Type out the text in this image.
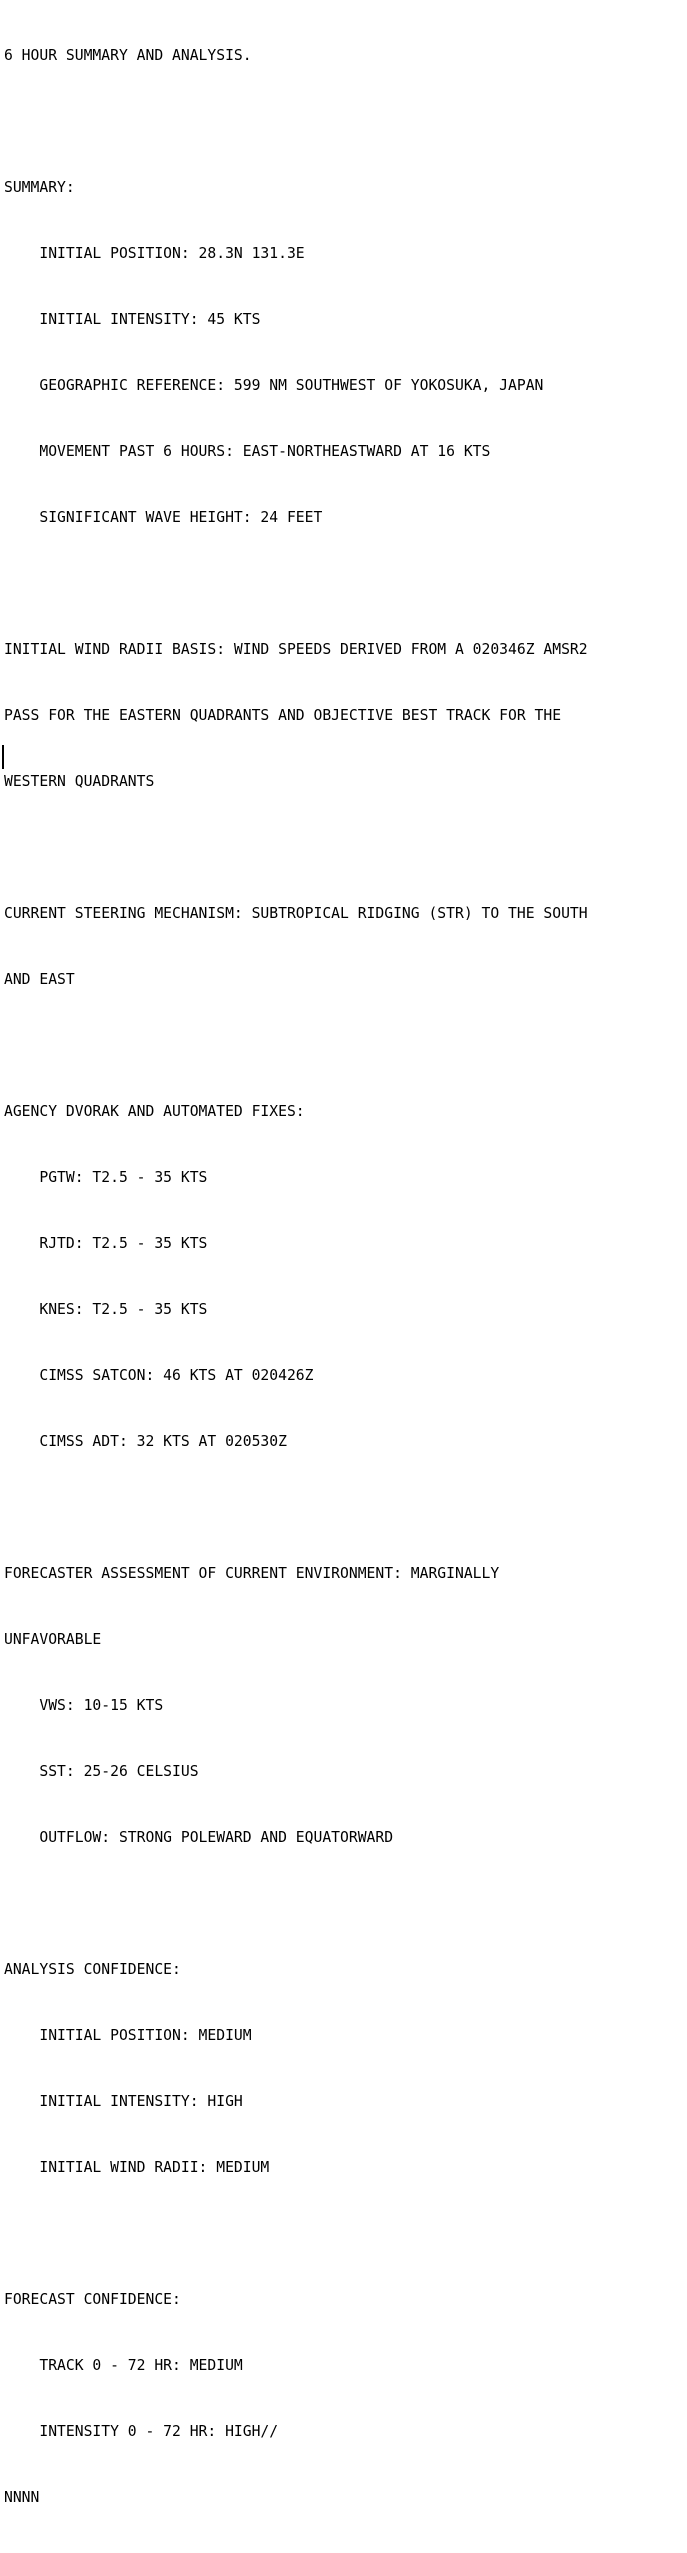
6 HOUR SUMMARY AND ANALYSIS.

SUMMARY:

INITIAL POSITION: 28.3N 131.3E

INITIAL INTENSITY: 45 KTS

GEOGRAPHIC REFERENCE: 599 NM SOUTHWEST OF YOKOSUKA, JAPAN

MOVEMENT PAST 6 HOURS: EAST-NORTHEASTWARD AT 16 KTS

SIGNIFICANT WAVE HEIGHT: 24 FEET

INITIAL WIND RADII BASIS: WIND SPEEDS DERIVED FROM A 020346Z AMSR2

PASS FOR THE EASTERN QUADRANTS AND OBJECTIVE BEST TRACK FOR THE

WESTERN QUADRANTS

CURRENT STEERING MECHANISM: SUBTROPICAL RIDGING (STR) TO THE SOUTH

AND EAST

AGENCY DVORAK AND AUTOMATED FIXES:

PGTW: T2.5 - 35 KTS

RJTD: T2.5 - 35 KTS

KNES: T2.5 - 35 KTS

CIMSS SATCON: 46 KTS AT 020426Z

CIMSS ADT: 32 KTS AT 020530Z

FORECASTER ASSESSMENT OF CURRENT ENVIRONMENT: MARGINALLY

UNFAVORABLE

VWS: 10-15 KTS

SST: 25-26 CELSIUS

OUTFLOW: STRONG POLEWARD AND EQUATORWARD

ANALYSIS CONFIDENCE:

INITIAL POSITION: MEDIUM

INITIAL INTENSITY: HIGH

INITIAL WIND RADII: MEDIUM

FORECAST CONFIDENCE:

TRACK 0 - 72 HR: MEDIUM

INTENSITY 0 - 72 HR: HIGH//

NNNN
